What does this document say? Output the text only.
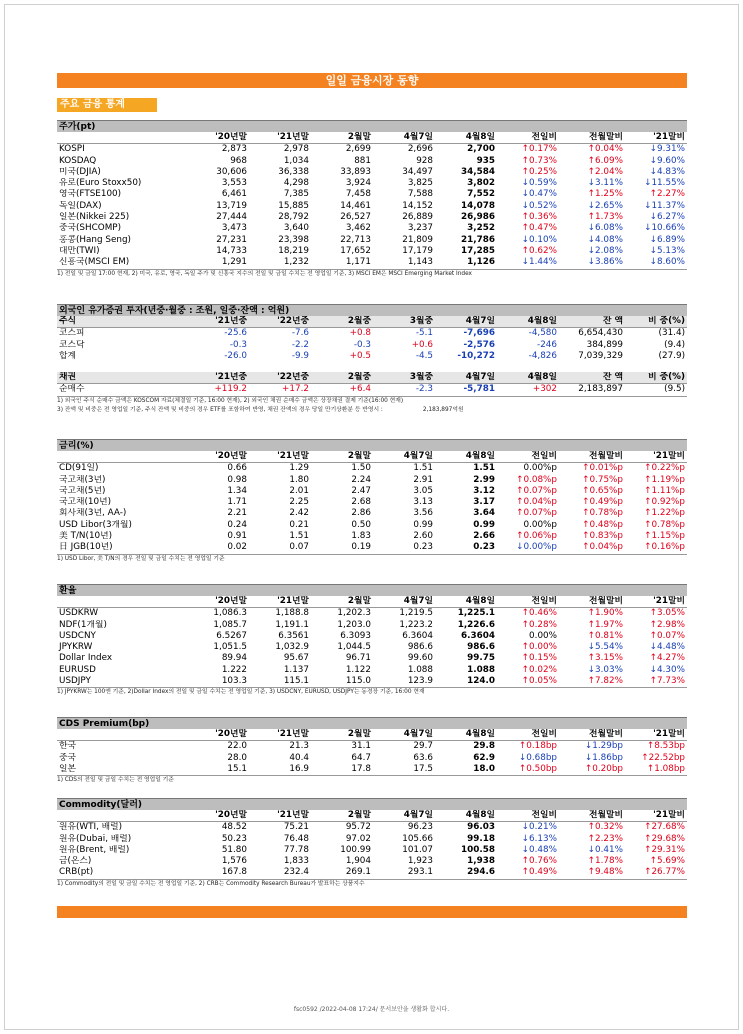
일일 금융시장 동향
주요 금융 통계
주가(pt)
	'20년말	'21년말	2월말	4월7일	4월8일	전일비	전월말비	'21말비
KOSPI	2,873	2,978	2,699	2,696	2,700	↑0.17%	↑0.04%	↓9.31%
KOSDAQ	968	1,034	881	928	935	↑0.73%	↑6.09%	↓9.60%
미국(DJIA)	30,606	36,338	33,893	34,497	34,584	↑0.25%	↑2.04%	↓4.83%
유로(Euro Stoxx50)	3,553	4,298	3,924	3,825	3,802	↓0.59%	↓3.11%	↓11.55%
영국(FTSE100)	6,461	7,385	7,458	7,588	7,552	↓0.47%	↑1.25%	↑2.27%
독일(DAX)	13,719	15,885	14,461	14,152	14,078	↓0.52%	↓2.65%	↓11.37%
일본(Nikkei 225)	27,444	28,792	26,527	26,889	26,986	↑0.36%	↑1.73%	↓6.27%
중국(SHCOMP)	3,473	3,640	3,462	3,237	3,252	↑0.47%	↓6.08%	↓10.66%
홍콩(Hang Seng)	27,231	23,398	22,713	21,809	21,786	↓0.10%	↓4.08%	↓6.89%
대만(TWI)	14,733	18,219	17,652	17,179	17,285	↑0.62%	↓2.08%	↓5.13%
신흥국(MSCI EM)	1,291	1,232	1,171	1,143	1,126	↓1.44%	↓3.86%	↓8.60%
1) 전일 및 금일 17:00 현재, 2) 미국, 유로, 영국, 독일 주가 및 신흥국 지수의 전일 및 금일 수치는 전 영업일 기준, 3) MSCI EM은 MSCI Emerging Market Index
외국인 유가증권 투자(년중·월중 : 조원, 일중·잔액 : 억원)
주식	'21년중	'22년중	2월중	3월중	4월7일	4월8일	잔 액	비 중(%)
코스피	-25.6	-7.6	+0.8	-5.1	-7,696	-4,580	6,654,430	(31.4)
코스닥	-0.3	-2.2	-0.3	+0.6	-2,576	-246	384,899	(9.4)
합계	-26.0	-9.9	+0.5	-4.5	-10,272	-4,826	7,039,329	(27.9)
채권	'21년중	'22년중	2월중	3월중	4월7일	4월8일	잔 액	비 중(%)
순매수	+119.2	+17.2	+6.4	-2.3	-5,781	+302	2,183,897	(9.5)
1) 외국인 주식 순매수 금액은 KOSCOM 자료(체결일 기준, 16:00 현재), 2) 외국인 채권 순매수 금액은 상장채권 결제 기준(16:00 현재)
3) 잔액 및 비중은 전 영업일 기준, 주식 잔액 및 비중의 경우 ETF를 포함하여 반영, 채권 잔액의 경우 당일 만기상환분 등 반영시 :	2,183,897억원
금리(%)
	'20년말	'21년말	2월말	4월7일	4월8일	전일비	전월말비	'21말비
CD(91일)	0.66	1.29	1.50	1.51	1.51	0.00%p	↑0.01%p	↑0.22%p
국고채(3년)	0.98	1.80	2.24	2.91	2.99	↑0.08%p	↑0.75%p	↑1.19%p
국고채(5년)	1.34	2.01	2.47	3.05	3.12	↑0.07%p	↑0.65%p	↑1.11%p
국고채(10년)	1.71	2.25	2.68	3.13	3.17	↑0.04%p	↑0.49%p	↑0.92%p
회사채(3년, AA-)	2.21	2.42	2.86	3.56	3.64	↑0.07%p	↑0.78%p	↑1.22%p
USD Libor(3개월)	0.24	0.21	0.50	0.99	0.99	0.00%p	↑0.48%p	↑0.78%p
美 T/N(10년)	0.91	1.51	1.83	2.60	2.66	↑0.06%p	↑0.83%p	↑1.15%p
日 JGB(10년)	0.02	0.07	0.19	0.23	0.23	↓0.00%p	↑0.04%p	↑0.16%p
1) USD Libor, 美 T/N의 경우 전일 및 금일 수치는 전 영업일 기준
환율
	'20년말	'21년말	2월말	4월7일	4월8일	전일비	전월말비	'21말비
USDKRW	1,086.3	1,188.8	1,202.3	1,219.5	1,225.1	↑0.46%	↑1.90%	↑3.05%
NDF(1개월)	1,085.7	1,191.1	1,203.0	1,223.2	1,226.6	↑0.28%	↑1.97%	↑2.98%
USDCNY	6.5267	6.3561	6.3093	6.3604	6.3604	0.00%	↑0.81%	↑0.07%
JPYKRW	1,051.5	1,032.9	1,044.5	986.6	986.6	↑0.00%	↓5.54%	↓4.48%
Dollar Index	89.94	95.67	96.71	99.60	99.75	↑0.15%	↑3.15%	↑4.27%
EURUSD	1.222	1.137	1.122	1.088	1.088	↑0.02%	↓3.03%	↓4.30%
USDJPY	103.3	115.1	115.0	123.9	124.0	↑0.05%	↑7.82%	↑7.73%
1) JPYKRW는 100엔 기준, 2)Dollar Index의 전일 및 금일 수치는 전 영업일 기준, 3) USDCNY, EURUSD, USDJPY는 동경장 기준, 16:00 현재
CDS Premium(bp)
	'20년말	'21년말	2월말	4월7일	4월8일	전일비	전월말비	'21말비
한국	22.0	21.3	31.1	29.7	29.8	↑0.18bp	↓1.29bp	↑8.53bp
중국	28.0	40.4	64.7	63.6	62.9	↓0.68bp	↓1.86bp	↑22.52bp
일본	15.1	16.9	17.8	17.5	18.0	↑0.50bp	↑0.20bp	↑1.08bp
1) CDS의 전일 및 금일 수치는 전 영업일 기준
Commodity(달러)
	'20년말	'21년말	2월말	4월7일	4월8일	전일비	전월말비	'21말비
원유(WTI, 배럴)	48.52	75.21	95.72	96.23	96.03	↓0.21%	↑0.32%	↑27.68%
원유(Dubai, 배럴)	50.23	76.48	97.02	105.66	99.18	↓6.13%	↑2.23%	↑29.68%
원유(Brent, 배럴)	51.80	77.78	100.99	101.07	100.58	↓0.48%	↓0.41%	↑29.31%
금(온스)	1,576	1,833	1,904	1,923	1,938	↑0.76%	↑1.78%	↑5.69%
CRB(pt)	167.8	232.4	269.1	293.1	294.6	↑0.49%	↑9.48%	↑26.77%
1) Commodity의 전일 및 금일 수치는 전 영업일 기준, 2) CRB는 Commodity Research Bureau가 발표하는 상품지수
fsc0592 /2022-04-08 17:24/ 문서보안을 생활화 합시다.
